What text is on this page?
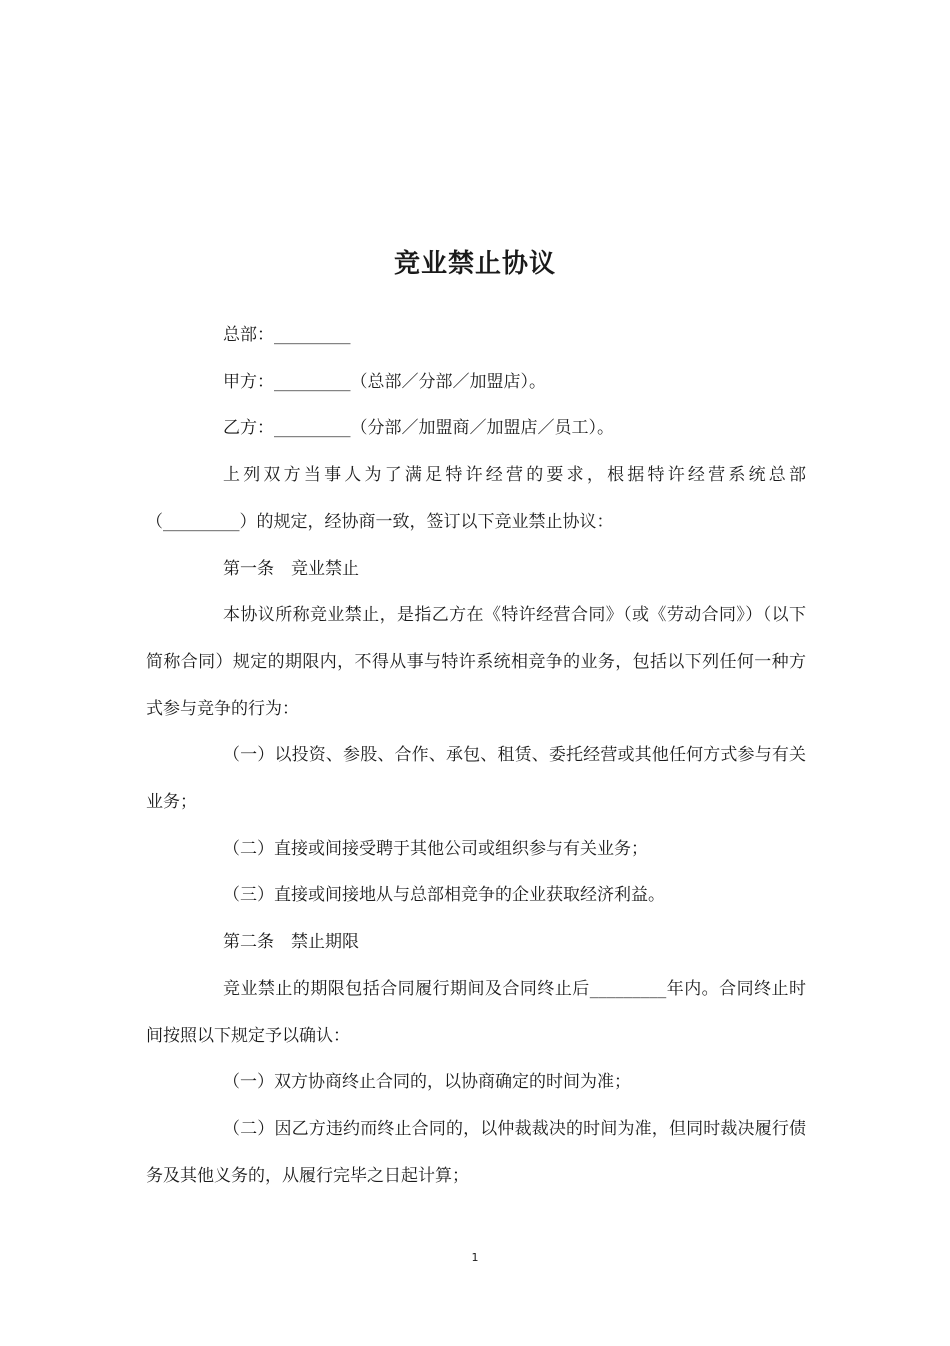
竞业禁止协议

总部：_________

甲方：_________（总部／分部／加盟店）。

乙方：_________（分部／加盟商／加盟店／员工）。

上列双方当事人为了满足特许经营的要求，根据特许经营系统总部（_________）的规定，经协商一致，签订以下竞业禁止协议：

第一条　竞业禁止

本协议所称竞业禁止，是指乙方在《特许经营合同》（或《劳动合同》）（以下简称合同）规定的期限内，不得从事与特许系统相竞争的业务，包括以下列任何一种方式参与竞争的行为：

（一）以投资、参股、合作、承包、租赁、委托经营或其他任何方式参与有关业务；

（二）直接或间接受聘于其他公司或组织参与有关业务；

（三）直接或间接地从与总部相竞争的企业获取经济利益。

第二条　禁止期限

竞业禁止的期限包括合同履行期间及合同终止后_________年内。合同终止时间按照以下规定予以确认：

（一）双方协商终止合同的，以协商确定的时间为准；

（二）因乙方违约而终止合同的，以仲裁裁决的时间为准，但同时裁决履行债务及其他义务的，从履行完毕之日起计算；

1
